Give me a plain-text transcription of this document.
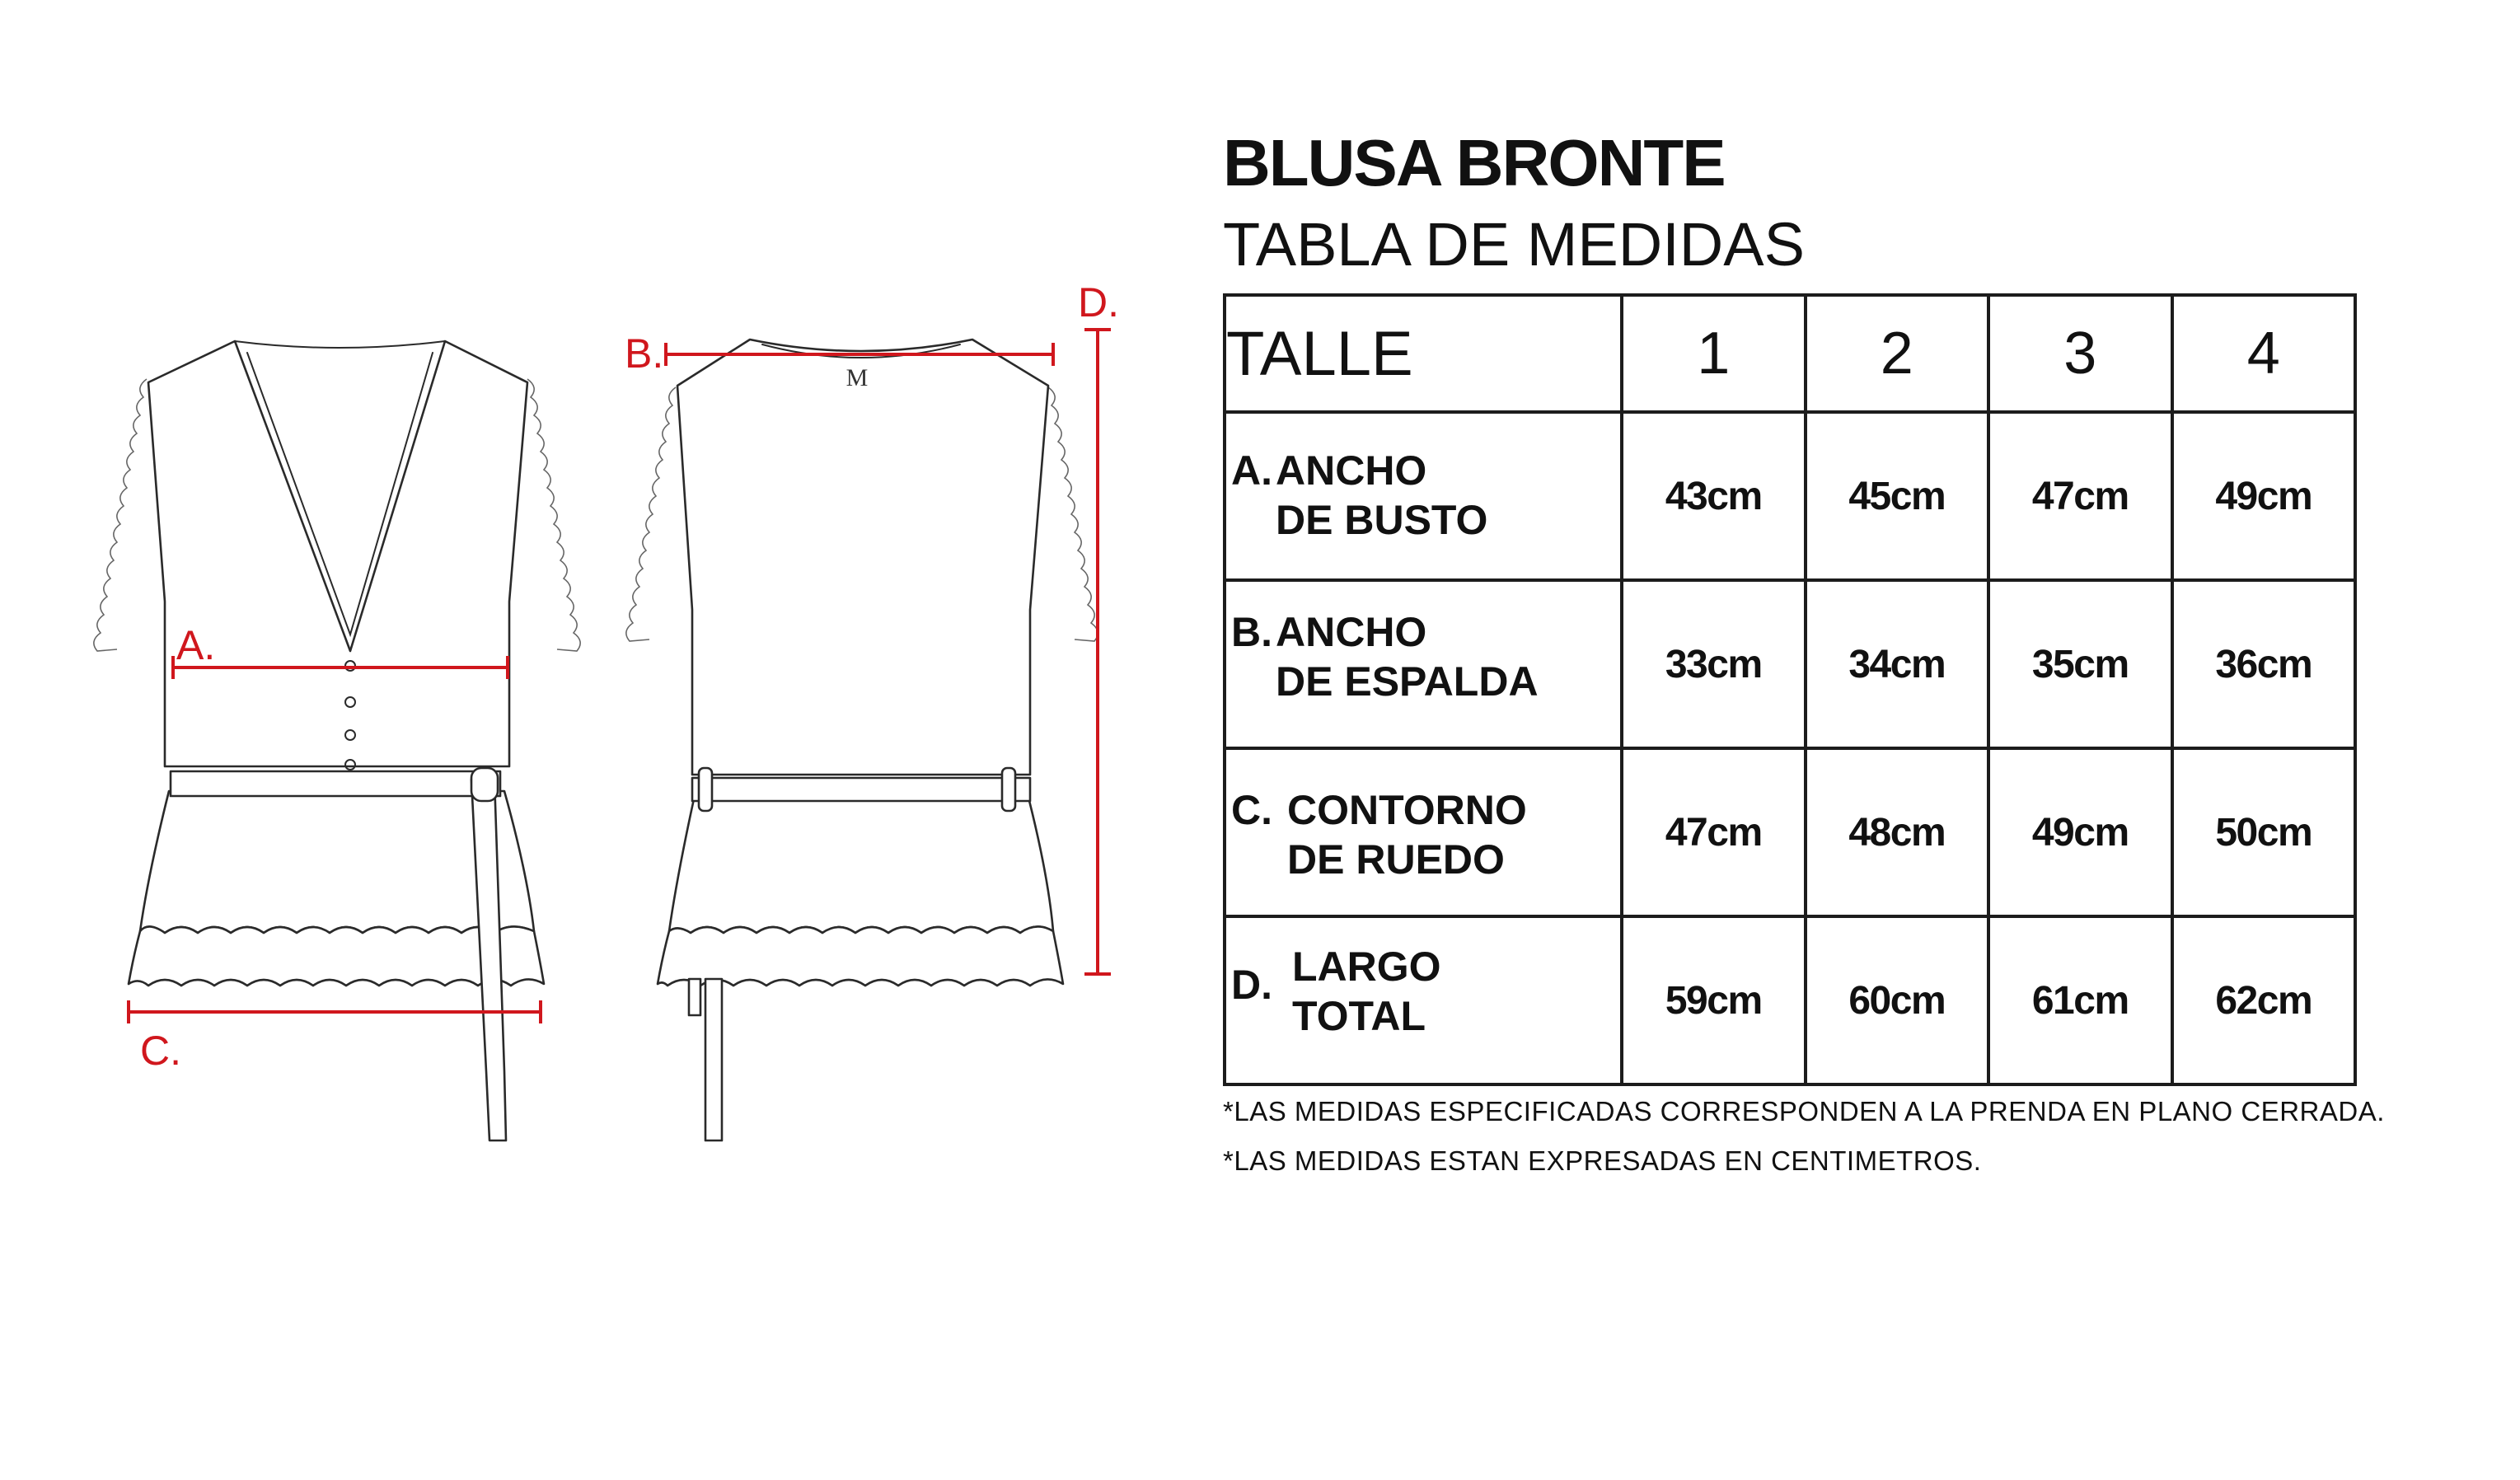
M
A.
B.
C.
D.
BLUSA BRONTE
TABLA DE MEDIDAS
TALLE	1	2	3	4

A. ANCHO
DE BUSTO	43cm	45cm	47cm	49cm

B. ANCHO
DE ESPALDA	33cm	34cm	35cm	36cm

C. CONTORNO
DE RUEDO	47cm	48cm	49cm	50cm

D. LARGO
TOTAL	59cm	60cm	61cm	62cm
*LAS MEDIDAS ESPECIFICADAS CORRESPONDEN A LA PRENDA EN PLANO CERRADA.
*LAS MEDIDAS ESTAN EXPRESADAS EN CENTIMETROS.
